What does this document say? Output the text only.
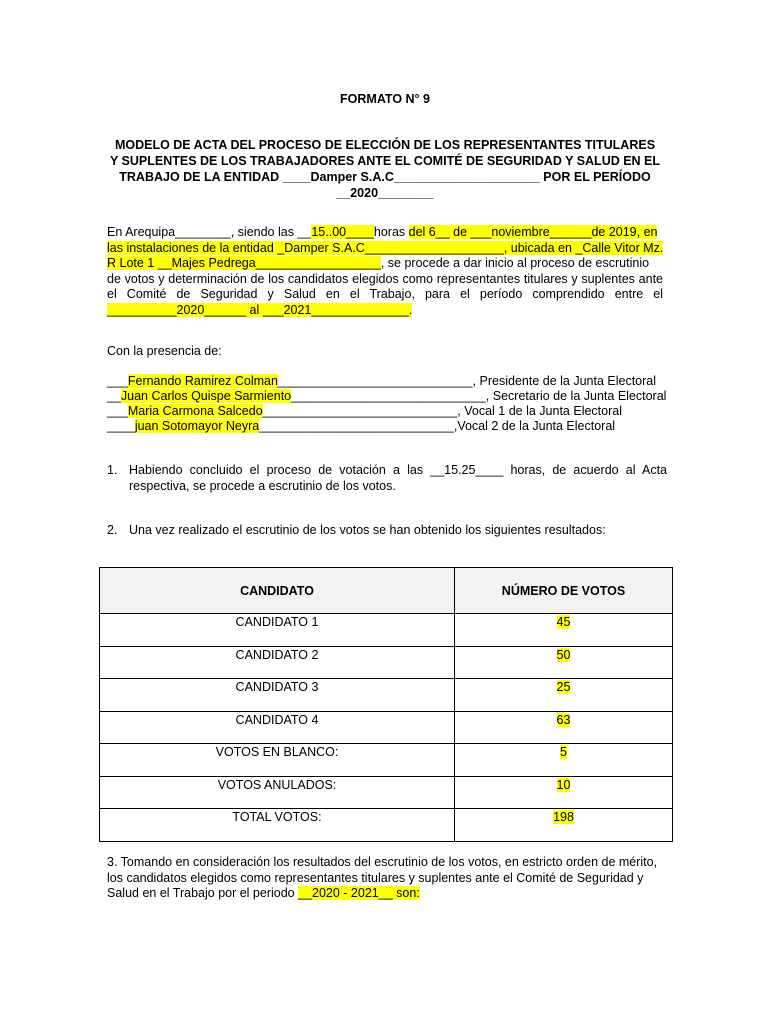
FORMATO N° 9
MODELO DE ACTA DEL PROCESO DE ELECCIÓN DE LOS REPRESENTANTES TITULARES
Y SUPLENTES DE LOS TRABAJADORES ANTE EL COMITÉ DE SEGURIDAD Y SALUD EN EL
TRABAJO DE LA ENTIDAD ____Damper S.A.C_____________________ POR EL PERÍODO
__2020________
En Arequipa________, siendo las __15..00____horas del 6__ de ___noviembre______de 2019, en
las instalaciones de la entidad _Damper S.A.C____________________, ubicada en _Calle Vitor Mz.
R Lote 1 __Majes Pedrega__________________, se procede a dar inicio al proceso de escrutinio
de votos y determinación de los candidatos elegidos como representantes titulares y suplentes ante
el Comité de Seguridad y Salud en el Trabajo, para el período comprendido entre el
__________2020______ al ___2021______________.
Con la presencia de:
___Fernando Ramirez Colman____________________________, Presidente de la Junta Electoral
__Juan Carlos Quispe Sarmiento____________________________, Secretario de la Junta Electoral
___Maria Carmona Salcedo____________________________, Vocal 1 de la Junta Electoral
____juan Sotomayor Neyra____________________________,Vocal 2 de la Junta Electoral
1. Habiendo concluido el proceso de votación a las __15.25____ horas, de acuerdo al Acta
respectiva, se procede a escrutinio de los votos.
2. Una vez realizado el escrutinio de los votos se han obtenido los siguientes resultados:
CANDIDATO	NÚMERO DE VOTOS
CANDIDATO 1	45
CANDIDATO 2	50
CANDIDATO 3	25
CANDIDATO 4	63
VOTOS EN BLANCO:	5
VOTOS ANULADOS:	10
TOTAL VOTOS:	198
3. Tomando en consideración los resultados del escrutinio de los votos, en estricto orden de mérito,
los candidatos elegidos como representantes titulares y suplentes ante el Comité de Seguridad y
Salud en el Trabajo por el periodo __2020 - 2021__ son:
